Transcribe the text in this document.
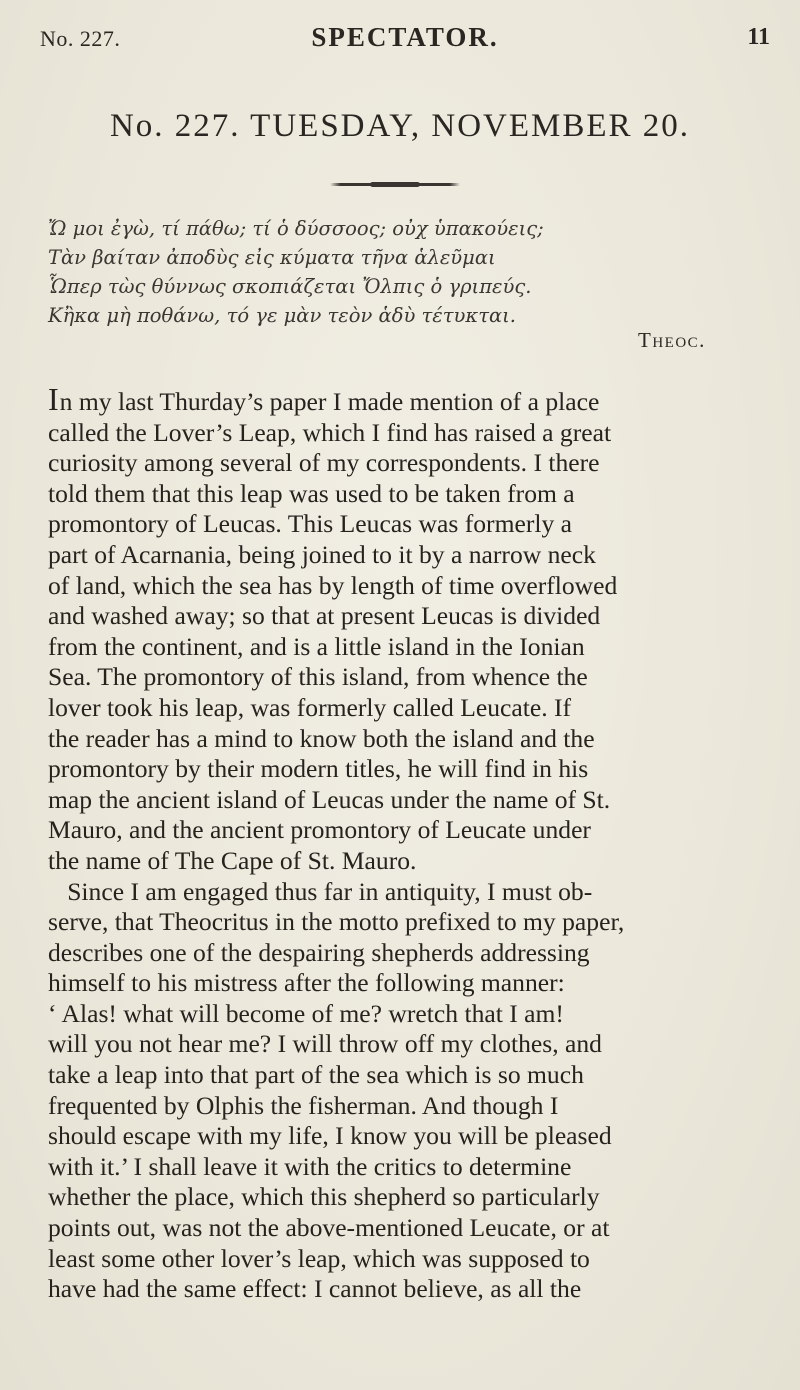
No. 227.	SPECTATOR.	11
No. 227. TUESDAY, NOVEMBER 20.
Ὤ μοι ἐγὼ, τί πάθω; τί ὁ δύσσοος; οὐχ ὑπακούεις;
Τὰν βαίταν ἀποδὺς εἰς κύματα τῆνα ἁλεῦμαι
Ὧπερ τὼς θύννως σκοπιάζεται Ὄλπις ὁ γριπεύς.
Κἢκα μὴ ποθάνω, τό γε μὰν τεὸν ἁδὺ τέτυκται.
Theoc.
In my last Thurday’s paper I made mention of a place
called the Lover’s Leap, which I find has raised a great
curiosity among several of my correspondents. I there
told them that this leap was used to be taken from a
promontory of Leucas. This Leucas was formerly a
part of Acarnania, being joined to it by a narrow neck
of land, which the sea has by length of time overflowed
and washed away; so that at present Leucas is divided
from the continent, and is a little island in the Ionian
Sea. The promontory of this island, from whence the
lover took his leap, was formerly called Leucate. If
the reader has a mind to know both the island and the
promontory by their modern titles, he will find in his
map the ancient island of Leucas under the name of St.
Mauro, and the ancient promontory of Leucate under
the name of The Cape of St. Mauro.
Since I am engaged thus far in antiquity, I must ob-
serve, that Theocritus in the motto prefixed to my paper,
describes one of the despairing shepherds addressing
himself to his mistress after the following manner:
‘ Alas! what will become of me? wretch that I am!
will you not hear me? I will throw off my clothes, and
take a leap into that part of the sea which is so much
frequented by Olphis the fisherman. And though I
should escape with my life, I know you will be pleased
with it.’ I shall leave it with the critics to determine
whether the place, which this shepherd so particularly
points out, was not the above-mentioned Leucate, or at
least some other lover’s leap, which was supposed to
have had the same effect: I cannot believe, as all the
